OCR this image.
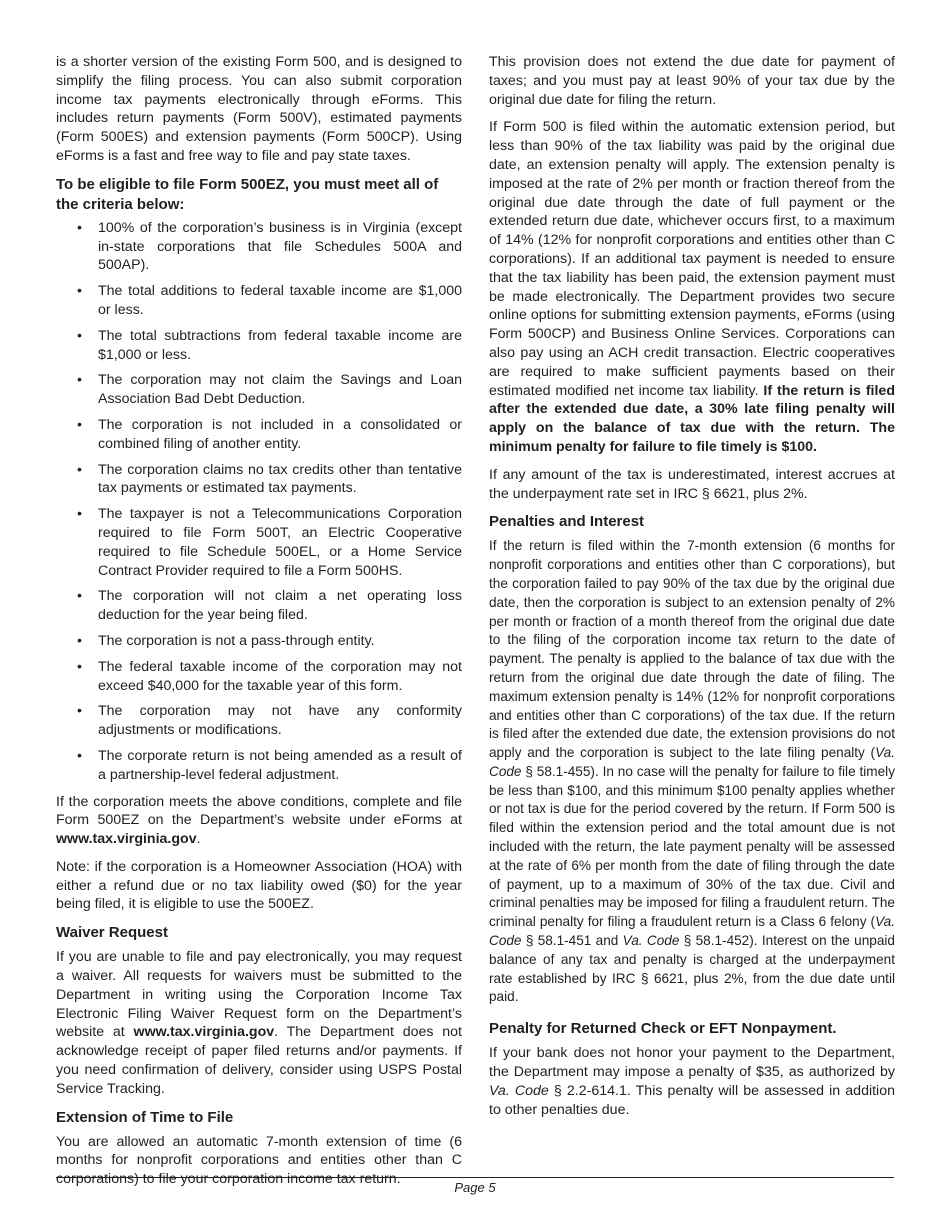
is a shorter version of the existing Form 500, and is designed to simplify the filing process. You can also submit corporation income tax payments electronically through eForms. This includes return payments (Form 500V), estimated payments (Form 500ES) and extension payments (Form 500CP). Using eForms is a fast and free way to file and pay state taxes.

To be eligible to file Form 500EZ, you must meet all of the criteria below:

• 100% of the corporation’s business is in Virginia (except in-state corporations that file Schedules 500A and 500AP).
• The total additions to federal taxable income are $1,000 or less.
• The total subtractions from federal taxable income are $1,000 or less.
• The corporation may not claim the Savings and Loan Association Bad Debt Deduction.
• The corporation is not included in a consolidated or combined filing of another entity.
• The corporation claims no tax credits other than tentative tax payments or estimated tax payments.
• The taxpayer is not a Telecommunications Corporation required to file Form 500T, an Electric Cooperative required to file Schedule 500EL, or a Home Service Contract Provider required to file a Form 500HS.
• The corporation will not claim a net operating loss deduction for the year being filed.
• The corporation is not a pass-through entity.
• The federal taxable income of the corporation may not exceed $40,000 for the taxable year of this form.
• The corporation may not have any conformity adjustments or modifications.
• The corporate return is not being amended as a result of a partnership-level federal adjustment.

If the corporation meets the above conditions, complete and file Form 500EZ on the Department’s website under eForms at www.tax.virginia.gov.

Note: if the corporation is a Homeowner Association (HOA) with either a refund due or no tax liability owed ($0) for the year being filed, it is eligible to use the 500EZ.

Waiver Request

If you are unable to file and pay electronically, you may request a waiver. All requests for waivers must be submitted to the Department in writing using the Corporation Income Tax Electronic Filing Waiver Request form on the Department’s website at www.tax.virginia.gov. The Department does not acknowledge receipt of paper filed returns and/or payments. If you need confirmation of delivery, consider using USPS Postal Service Tracking.

Extension of Time to File

You are allowed an automatic 7-month extension of time (6 months for nonprofit corporations and entities other than C corporations) to file your corporation income tax return.

This provision does not extend the due date for payment of taxes; and you must pay at least 90% of your tax due by the original due date for filing the return.

If Form 500 is filed within the automatic extension period, but less than 90% of the tax liability was paid by the original due date, an extension penalty will apply. The extension penalty is imposed at the rate of 2% per month or fraction thereof from the original due date through the date of full payment or the extended return due date, whichever occurs first, to a maximum of 14% (12% for nonprofit corporations and entities other than C corporations). If an additional tax payment is needed to ensure that the tax liability has been paid, the extension payment must be made electronically. The Department provides two secure online options for submitting extension payments, eForms (using Form 500CP) and Business Online Services. Corporations can also pay using an ACH credit transaction. Electric cooperatives are required to make sufficient payments based on their estimated modified net income tax liability. If the return is filed after the extended due date, a 30% late filing penalty will apply on the balance of tax due with the return. The minimum penalty for failure to file timely is $100.

If any amount of the tax is underestimated, interest accrues at the underpayment rate set in IRC § 6621, plus 2%.

Penalties and Interest

If the return is filed within the 7-month extension (6 months for nonprofit corporations and entities other than C corporations), but the corporation failed to pay 90% of the tax due by the original due date, then the corporation is subject to an extension penalty of 2% per month or fraction of a month thereof from the original due date to the filing of the corporation income tax return to the date of payment. The penalty is applied to the balance of tax due with the return from the original due date through the date of filing. The maximum extension penalty is 14% (12% for nonprofit corporations and entities other than C corporations) of the tax due. If the return is filed after the extended due date, the extension provisions do not apply and the corporation is subject to the late filing penalty (Va. Code § 58.1-455). In no case will the penalty for failure to file timely be less than $100, and this minimum $100 penalty applies whether or not tax is due for the period covered by the return. If Form 500 is filed within the extension period and the total amount due is not included with the return, the late payment penalty will be assessed at the rate of 6% per month from the date of filing through the date of payment, up to a maximum of 30% of the tax due. Civil and criminal penalties may be imposed for filing a fraudulent return. The criminal penalty for filing a fraudulent return is a Class 6 felony (Va. Code § 58.1-451 and Va. Code § 58.1-452). Interest on the unpaid balance of any tax and penalty is charged at the underpayment rate established by IRC § 6621, plus 2%, from the due date until paid.

Penalty for Returned Check or EFT Nonpayment.

If your bank does not honor your payment to the Department, the Department may impose a penalty of $35, as authorized by Va. Code § 2.2-614.1. This penalty will be assessed in addition to other penalties due.

Page 5
